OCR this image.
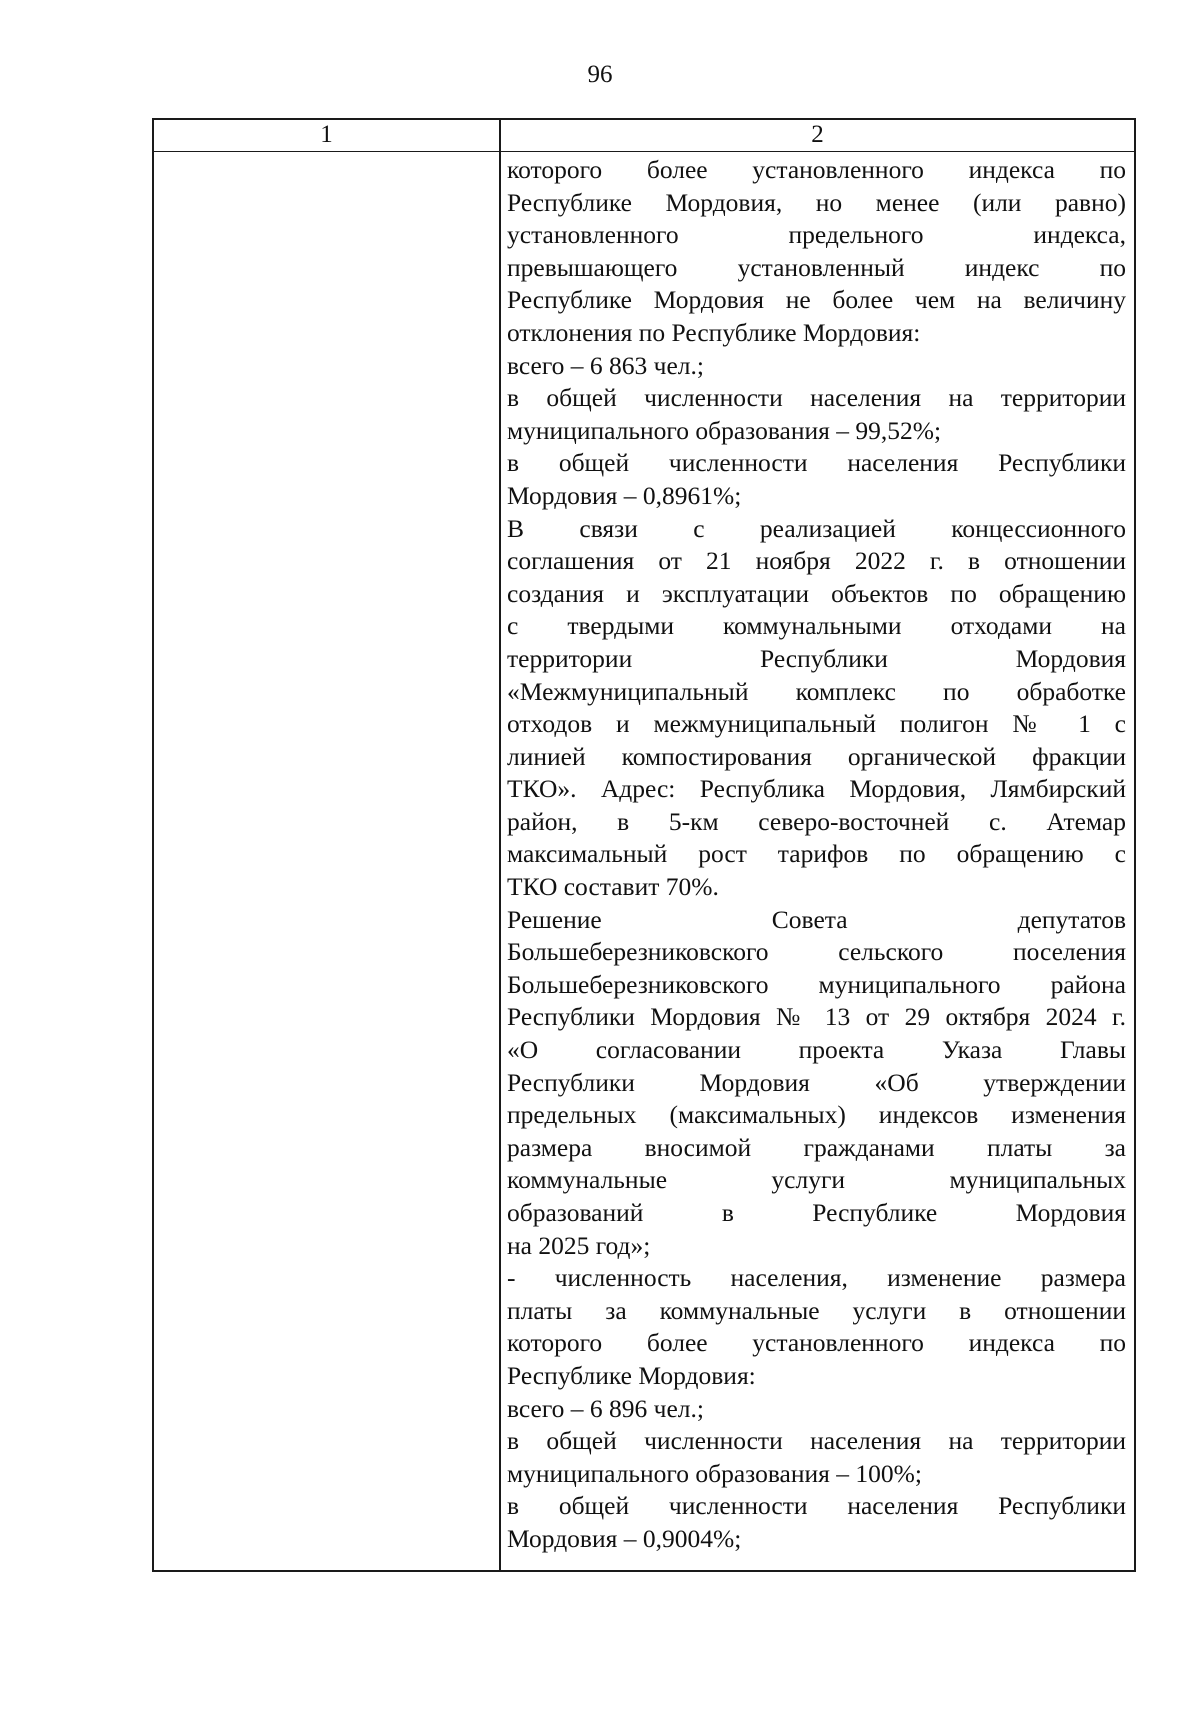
96
1	2
которого более установленного индекса по
Республике Мордовия, но менее (или равно)
установленного предельного индекса,
превышающего установленный индекс по
Республике Мордовия не более чем на величину
отклонения по Республике Мордовия:
всего – 6 863 чел.;
в общей численности населения на территории
муниципального образования – 99,52%;
в общей численности населения Республики
Мордовия – 0,8961%;
В связи с реализацией концессионного
соглашения от 21 ноября 2022 г. в отношении
создания и эксплуатации объектов по обращению
с твердыми коммунальными отходами на
территории Республики Мордовия
«Межмуниципальный комплекс по обработке
отходов и межмуниципальный полигон № 1 с
линией компостирования органической фракции
ТКО». Адрес: Республика Мордовия, Лямбирский
район, в 5-км северо-восточней с. Атемар
максимальный рост тарифов по обращению с
ТКО составит 70%.
Решение Совета депутатов
Большеберезниковского сельского поселения
Большеберезниковского муниципального района
Республики Мордовия № 13 от 29 октября 2024 г.
«О согласовании проекта Указа Главы
Республики Мордовия «Об утверждении
предельных (максимальных) индексов изменения
размера вносимой гражданами платы за
коммунальные услуги муниципальных
образований в Республике Мордовия
на 2025 год»;
- численность населения, изменение размера
платы за коммунальные услуги в отношении
которого более установленного индекса по
Республике Мордовия:
всего – 6 896 чел.;
в общей численности населения на территории
муниципального образования – 100%;
в общей численности населения Республики
Мордовия – 0,9004%;
